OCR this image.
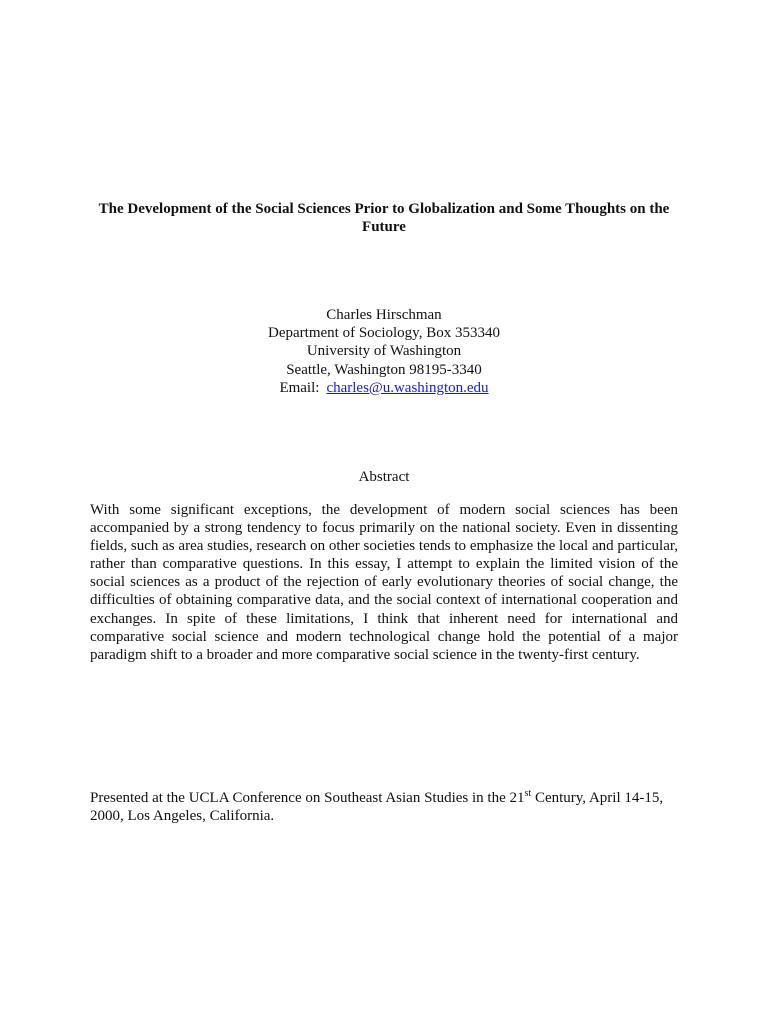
The Development of the Social Sciences Prior to Globalization and Some Thoughts on the Future
Charles Hirschman
Department of Sociology, Box 353340
University of Washington
Seattle, Washington 98195-3340
Email: charles@u.washington.edu
Abstract

With some significant exceptions, the development of modern social sciences has been accompanied by a strong tendency to focus primarily on the national society. Even in dissenting fields, such as area studies, research on other societies tends to emphasize the local and particular, rather than comparative questions. In this essay, I attempt to explain the limited vision of the social sciences as a product of the rejection of early evolutionary theories of social change, the difficulties of obtaining comparative data, and the social context of international cooperation and exchanges. In spite of these limitations, I think that inherent need for international and comparative social science and modern technological change hold the potential of a major paradigm shift to a broader and more comparative social science in the twenty-first century.

Presented at the UCLA Conference on Southeast Asian Studies in the 21st Century, April 14-15, 2000, Los Angeles, California.
